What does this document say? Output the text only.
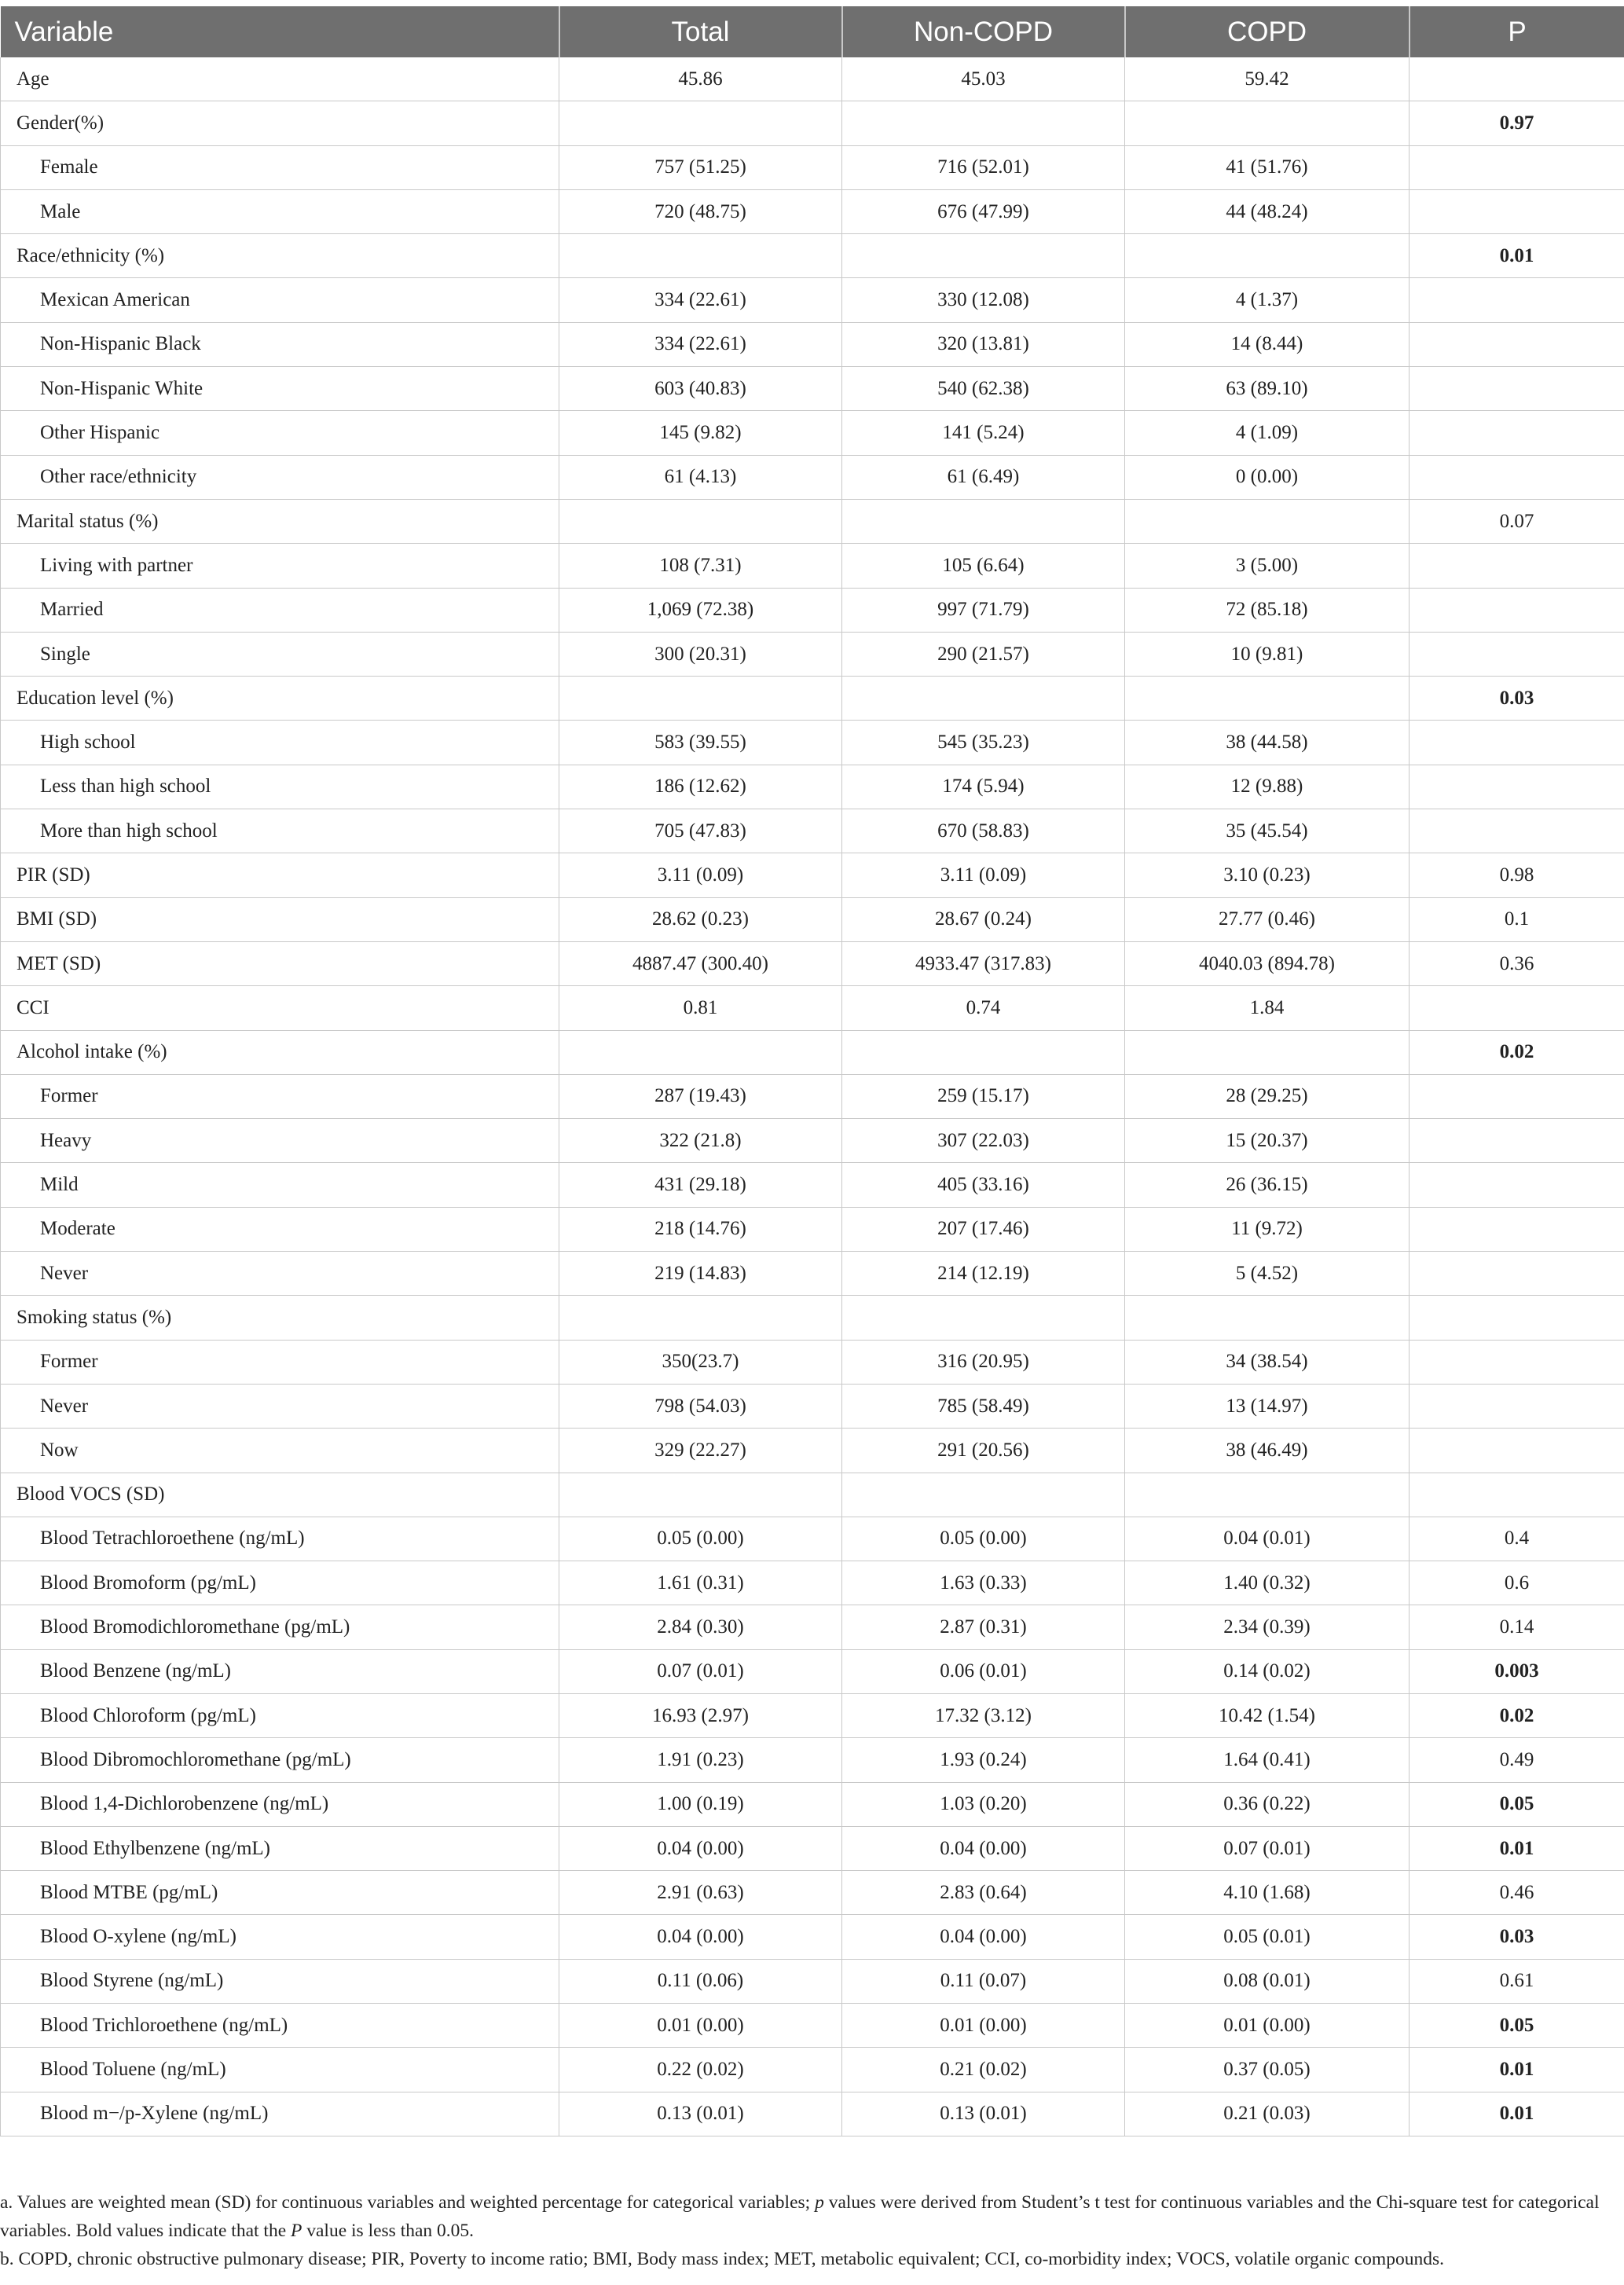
Variable	Total	Non-COPD	COPD	P
Age	45.86	45.03	59.42	
Gender(%)				0.97
Female	757 (51.25)	716 (52.01)	41 (51.76)	
Male	720 (48.75)	676 (47.99)	44 (48.24)	
Race/ethnicity (%)				0.01
Mexican American	334 (22.61)	330 (12.08)	4 (1.37)	
Non-Hispanic Black	334 (22.61)	320 (13.81)	14 (8.44)	
Non-Hispanic White	603 (40.83)	540 (62.38)	63 (89.10)	
Other Hispanic	145 (9.82)	141 (5.24)	4 (1.09)	
Other race/ethnicity	61 (4.13)	61 (6.49)	0 (0.00)	
Marital status (%)				0.07
Living with partner	108 (7.31)	105 (6.64)	3 (5.00)	
Married	1,069 (72.38)	997 (71.79)	72 (85.18)	
Single	300 (20.31)	290 (21.57)	10 (9.81)	
Education level (%)				0.03
High school	583 (39.55)	545 (35.23)	38 (44.58)	
Less than high school	186 (12.62)	174 (5.94)	12 (9.88)	
More than high school	705 (47.83)	670 (58.83)	35 (45.54)	
PIR (SD)	3.11 (0.09)	3.11 (0.09)	3.10 (0.23)	0.98
BMI (SD)	28.62 (0.23)	28.67 (0.24)	27.77 (0.46)	0.1
MET (SD)	4887.47 (300.40)	4933.47 (317.83)	4040.03 (894.78)	0.36
CCI	0.81	0.74	1.84	
Alcohol intake (%)				0.02
Former	287 (19.43)	259 (15.17)	28 (29.25)	
Heavy	322 (21.8)	307 (22.03)	15 (20.37)	
Mild	431 (29.18)	405 (33.16)	26 (36.15)	
Moderate	218 (14.76)	207 (17.46)	11 (9.72)	
Never	219 (14.83)	214 (12.19)	5 (4.52)	
Smoking status (%)				
Former	350(23.7)	316 (20.95)	34 (38.54)	
Never	798 (54.03)	785 (58.49)	13 (14.97)	
Now	329 (22.27)	291 (20.56)	38 (46.49)	
Blood VOCS (SD)				
Blood Tetrachloroethene (ng/mL)	0.05 (0.00)	0.05 (0.00)	0.04 (0.01)	0.4
Blood Bromoform (pg/mL)	1.61 (0.31)	1.63 (0.33)	1.40 (0.32)	0.6
Blood Bromodichloromethane (pg/mL)	2.84 (0.30)	2.87 (0.31)	2.34 (0.39)	0.14
Blood Benzene (ng/mL)	0.07 (0.01)	0.06 (0.01)	0.14 (0.02)	0.003
Blood Chloroform (pg/mL)	16.93 (2.97)	17.32 (3.12)	10.42 (1.54)	0.02
Blood Dibromochloromethane (pg/mL)	1.91 (0.23)	1.93 (0.24)	1.64 (0.41)	0.49
Blood 1,4-Dichlorobenzene (ng/mL)	1.00 (0.19)	1.03 (0.20)	0.36 (0.22)	0.05
Blood Ethylbenzene (ng/mL)	0.04 (0.00)	0.04 (0.00)	0.07 (0.01)	0.01
Blood MTBE (pg/mL)	2.91 (0.63)	2.83 (0.64)	4.10 (1.68)	0.46
Blood O-xylene (ng/mL)	0.04 (0.00)	0.04 (0.00)	0.05 (0.01)	0.03
Blood Styrene (ng/mL)	0.11 (0.06)	0.11 (0.07)	0.08 (0.01)	0.61
Blood Trichloroethene (ng/mL)	0.01 (0.00)	0.01 (0.00)	0.01 (0.00)	0.05
Blood Toluene (ng/mL)	0.22 (0.02)	0.21 (0.02)	0.37 (0.05)	0.01
Blood m−/p-Xylene (ng/mL)	0.13 (0.01)	0.13 (0.01)	0.21 (0.03)	0.01

a. Values are weighted mean (SD) for continuous variables and weighted percentage for categorical variables; p values were derived from Student’s t test for continuous variables and the Chi-square test for categorical variables. Bold values indicate that the P value is less than 0.05.

b. COPD, chronic obstructive pulmonary disease; PIR, Poverty to income ratio; BMI, Body mass index; MET, metabolic equivalent; CCI, co-morbidity index; VOCS, volatile organic compounds.
